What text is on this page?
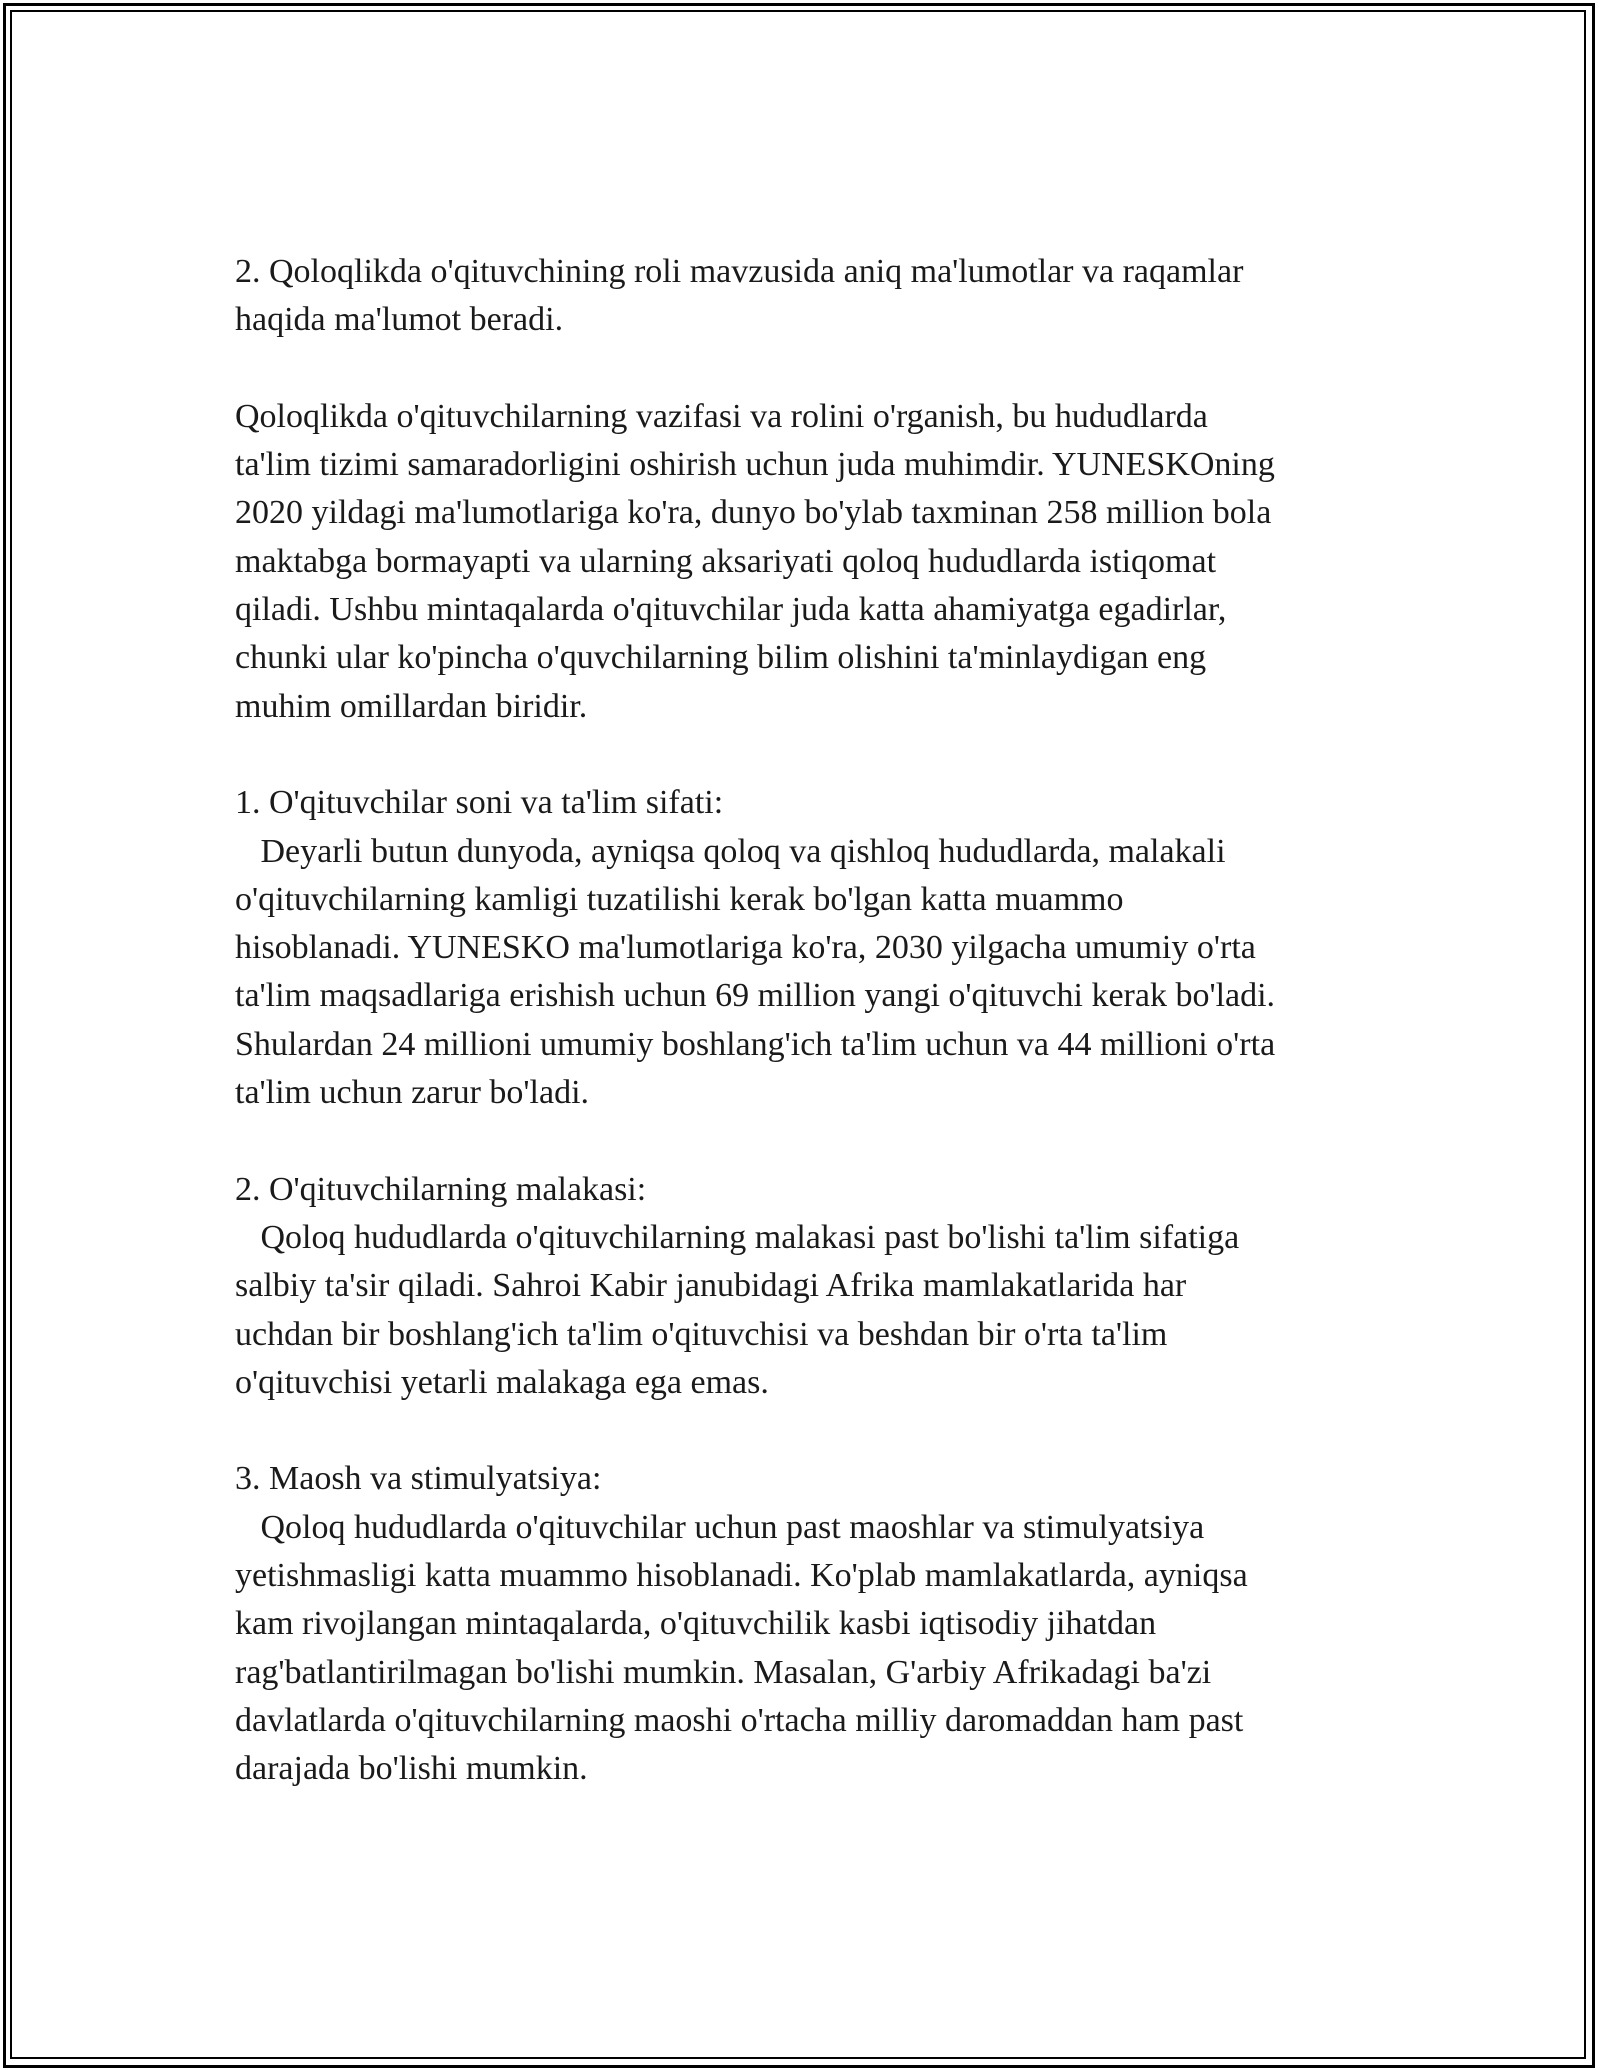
2. Qoloqlikda o'qituvchining roli mavzusida aniq ma'lumotlar va raqamlar

haqida ma'lumot beradi.

Qoloqlikda o'qituvchilarning vazifasi va rolini o'rganish, bu hududlarda

ta'lim tizimi samaradorligini oshirish uchun juda muhimdir. YUNESKOning

2020 yildagi ma'lumotlariga ko'ra, dunyo bo'ylab taxminan 258 million bola

maktabga bormayapti va ularning aksariyati qoloq hududlarda istiqomat

qiladi. Ushbu mintaqalarda o'qituvchilar juda katta ahamiyatga egadirlar,

chunki ular ko'pincha o'quvchilarning bilim olishini ta'minlaydigan eng

muhim omillardan biridir.

1. O'qituvchilar soni va ta'lim sifati:

Deyarli butun dunyoda, ayniqsa qoloq va qishloq hududlarda, malakali

o'qituvchilarning kamligi tuzatilishi kerak bo'lgan katta muammo

hisoblanadi. YUNESKO ma'lumotlariga ko'ra, 2030 yilgacha umumiy o'rta

ta'lim maqsadlariga erishish uchun 69 million yangi o'qituvchi kerak bo'ladi.

Shulardan 24 millioni umumiy boshlang'ich ta'lim uchun va 44 millioni o'rta

ta'lim uchun zarur bo'ladi.

2. O'qituvchilarning malakasi:

Qoloq hududlarda o'qituvchilarning malakasi past bo'lishi ta'lim sifatiga

salbiy ta'sir qiladi. Sahroi Kabir janubidagi Afrika mamlakatlarida har

uchdan bir boshlang'ich ta'lim o'qituvchisi va beshdan bir o'rta ta'lim

o'qituvchisi yetarli malakaga ega emas.

3. Maosh va stimulyatsiya:

Qoloq hududlarda o'qituvchilar uchun past maoshlar va stimulyatsiya

yetishmasligi katta muammo hisoblanadi. Ko'plab mamlakatlarda, ayniqsa

kam rivojlangan mintaqalarda, o'qituvchilik kasbi iqtisodiy jihatdan

rag'batlantirilmagan bo'lishi mumkin. Masalan, G'arbiy Afrikadagi ba'zi

davlatlarda o'qituvchilarning maoshi o'rtacha milliy daromaddan ham past

darajada bo'lishi mumkin.
